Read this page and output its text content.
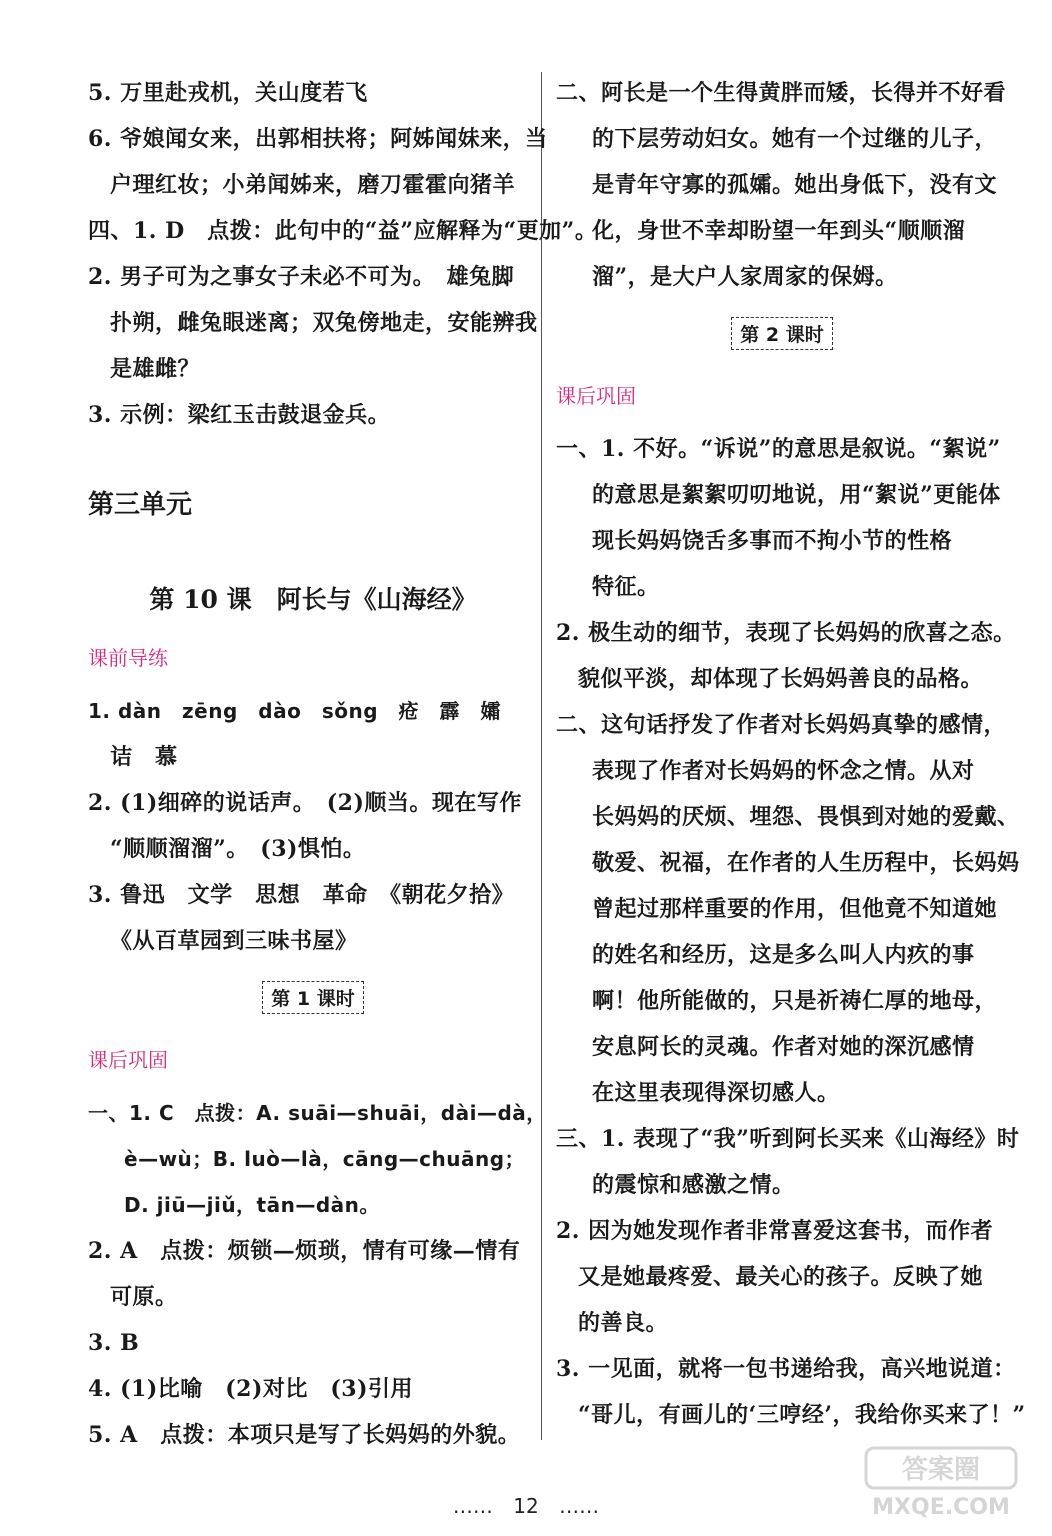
5. 万里赴戎机，关山度若飞
6. 爷娘闻女来，出郭相扶将；阿姊闻妹来，当
户理红妆；小弟闻姊来，磨刀霍霍向猪羊
四、1. D　点拨：此句中的“益”应解释为“更加”。
2. 男子可为之事女子未必不可为。　雄兔脚
扑朔，雌兔眼迷离；双兔傍地走，安能辨我
是雄雌？
3. 示例：梁红玉击鼓退金兵。
第三单元
第 10 课　阿长与《山海经》
课前导练
1. dàn　zēng　dào　sǒng　疮　霹　孀
诘　慕
2. (1)细碎的说话声。　(2)顺当。现在写作
“顺顺溜溜”。　(3)惧怕。
3. 鲁迅　文学　思想　革命　《朝花夕拾》
《从百草园到三味书屋》
第 1 课时
课后巩固
一、1. C　点拨：A. suāi—shuāi，dài—dà，
è—wù；B. luò—là，cāng—chuāng；
D. jiū—jiǔ，tān—dàn。
2. A　点拨：烦锁—烦琐，情有可缘—情有
可原。
3. B
4. (1)比喻　(2)对比　(3)引用
5. A　点拨：本项只是写了长妈妈的外貌。
二、阿长是一个生得黄胖而矮，长得并不好看
的下层劳动妇女。她有一个过继的儿子，
是青年守寡的孤孀。她出身低下，没有文
化，身世不幸却盼望一年到头“顺顺溜
溜”，是大户人家周家的保姆。
第 2 课时
课后巩固
一、1. 不好。“诉说”的意思是叙说。“絮说”
的意思是絮絮叨叨地说，用“絮说”更能体
现长妈妈饶舌多事而不拘小节的性格
特征。
2. 极生动的细节，表现了长妈妈的欣喜之态。
貌似平淡，却体现了长妈妈善良的品格。
二、这句话抒发了作者对长妈妈真挚的感情，
表现了作者对长妈妈的怀念之情。从对
长妈妈的厌烦、埋怨、畏惧到对她的爱戴、
敬爱、祝福，在作者的人生历程中，长妈妈
曾起过那样重要的作用，但他竟不知道她
的姓名和经历，这是多么叫人内疚的事
啊！他所能做的，只是祈祷仁厚的地母，
安息阿长的灵魂。作者对她的深沉感情
在这里表现得深切感人。
三、1. 表现了“我”听到阿长买来《山海经》时
的震惊和感激之情。
2. 因为她发现作者非常喜爱这套书，而作者
又是她最疼爱、最关心的孩子。反映了她
的善良。
3. 一见面，就将一包书递给我，高兴地说道：
“哥儿，有画儿的‘三哼经’，我给你买来了！”
…… 12 ……
答案圈
MXQE.COM
